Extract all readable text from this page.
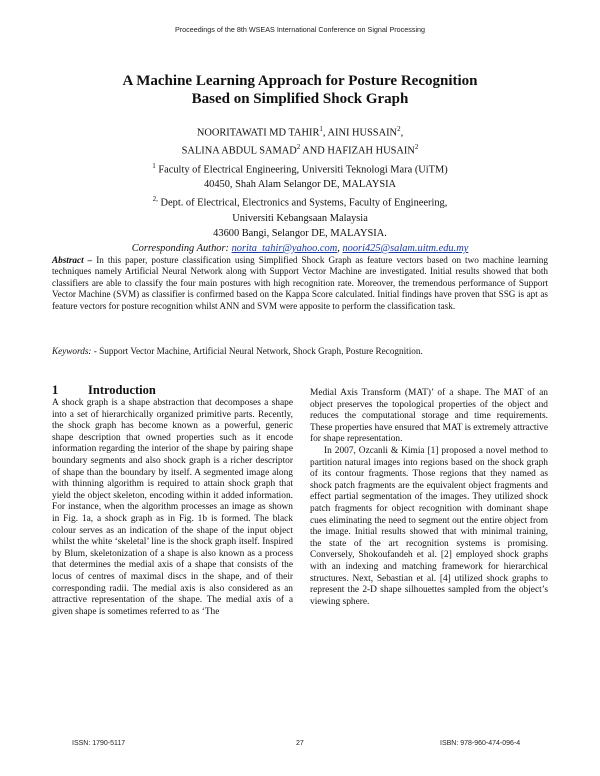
Proceedings of the 8th WSEAS International Conference on Signal Processing
A Machine Learning Approach for Posture Recognition
Based on Simplified Shock Graph
NOORITAWATI MD TAHIR$^1$, AINI HUSSAIN$^2$,
SALINA ABDUL SAMAD$^2$ AND HAFIZAH HUSAIN$^2$
$^1$ Faculty of Electrical Engineering, Universiti Teknologi Mara (UiTM)
40450, Shah Alam Selangor DE, MALAYSIA
$^{2,}$ Dept. of Electrical, Electronics and Systems, Faculty of Engineering,
Universiti Kebangsaan Malaysia
43600 Bangi, Selangor DE, MALAYSIA.
Corresponding Author: norita_tahir@yahoo.com, noori425@salam.uitm.edu.my
Abstract – In this paper, posture classification using Simplified Shock Graph as feature vectors based on two machine learning techniques namely Artificial Neural Network along with Support Vector Machine are investigated. Initial results showed that both classifiers are able to classify the four main postures with high recognition rate. Moreover, the tremendous performance of Support Vector Machine (SVM) as classifier is confirmed based on the Kappa Score calculated. Initial findings have proven that SSG is apt as feature vectors for posture recognition whilst ANN and SVM were apposite to perform the classification task.
Keywords: - Support Vector Machine, Artificial Neural Network, Shock Graph, Posture Recognition.
1 Introduction

A shock graph is a shape abstraction that decomposes a shape into a set of hierarchically organized primitive parts. Recently, the shock graph has become known as a powerful, generic shape description that owned properties such as it encode information regarding the interior of the shape by pairing shape boundary segments and also shock graph is a richer descriptor of shape than the boundary by itself. A segmented image along with thinning algorithm is required to attain shock graph that yield the object skeleton, encoding within it added information. For instance, when the algorithm processes an image as shown in Fig. 1a, a shock graph as in Fig. 1b is formed. The black colour serves as an indication of the shape of the input object whilst the white ‘skeletal’ line is the shock graph itself. Inspired by Blum, skeletonization of a shape is also known as a process that determines the medial axis of a shape that consists of the locus of centres of maximal discs in the shape, and of their corresponding radii. The medial axis is also considered as an attractive representation of the shape. The medial axis of a given shape is sometimes referred to as ‘The

Medial Axis Transform (MAT)’ of a shape. The MAT of an object preserves the topological properties of the object and reduces the computational storage and time requirements. These properties have ensured that MAT is extremely attractive for shape representation.

In 2007, Ozcanli & Kimia [1] proposed a novel method to partition natural images into regions based on the shock graph of its contour fragments. Those regions that they named as shock patch fragments are the equivalent object fragments and effect partial segmentation of the images. They utilized shock patch fragments for object recognition with dominant shape cues eliminating the need to segment out the entire object from the image. Initial results showed that with minimal training, the state of the art recognition systems is promising. Conversely, Shokoufandeh et al. [2] employed shock graphs with an indexing and matching framework for hierarchical structures. Next, Sebastian et al. [4] utilized shock graphs to represent the 2-D shape silhouettes sampled from the object’s viewing sphere.

ISSN: 1790-5117	27	ISBN: 978-960-474-096-4
